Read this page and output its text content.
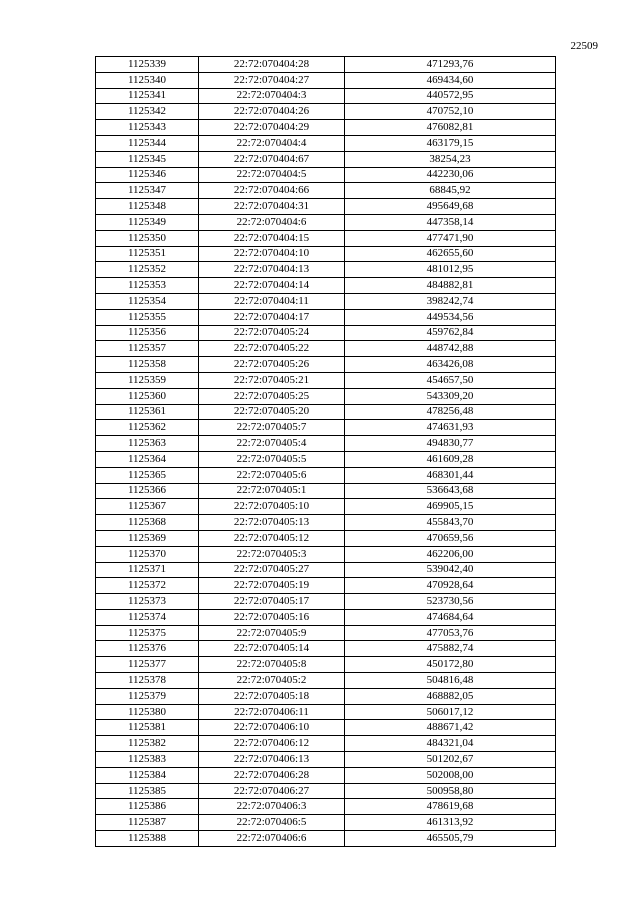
22509
1125339	22:72:070404:28	471293,76
1125340	22:72:070404:27	469434,60
1125341	22:72:070404:3	440572,95
1125342	22:72:070404:26	470752,10
1125343	22:72:070404:29	476082,81
1125344	22:72:070404:4	463179,15
1125345	22:72:070404:67	38254,23
1125346	22:72:070404:5	442230,06
1125347	22:72:070404:66	68845,92
1125348	22:72:070404:31	495649,68
1125349	22:72:070404:6	447358,14
1125350	22:72:070404:15	477471,90
1125351	22:72:070404:10	462655,60
1125352	22:72:070404:13	481012,95
1125353	22:72:070404:14	484882,81
1125354	22:72:070404:11	398242,74
1125355	22:72:070404:17	449534,56
1125356	22:72:070405:24	459762,84
1125357	22:72:070405:22	448742,88
1125358	22:72:070405:26	463426,08
1125359	22:72:070405:21	454657,50
1125360	22:72:070405:25	543309,20
1125361	22:72:070405:20	478256,48
1125362	22:72:070405:7	474631,93
1125363	22:72:070405:4	494830,77
1125364	22:72:070405:5	461609,28
1125365	22:72:070405:6	468301,44
1125366	22:72:070405:1	536643,68
1125367	22:72:070405:10	469905,15
1125368	22:72:070405:13	455843,70
1125369	22:72:070405:12	470659,56
1125370	22:72:070405:3	462206,00
1125371	22:72:070405:27	539042,40
1125372	22:72:070405:19	470928,64
1125373	22:72:070405:17	523730,56
1125374	22:72:070405:16	474684,64
1125375	22:72:070405:9	477053,76
1125376	22:72:070405:14	475882,74
1125377	22:72:070405:8	450172,80
1125378	22:72:070405:2	504816,48
1125379	22:72:070405:18	468882,05
1125380	22:72:070406:11	506017,12
1125381	22:72:070406:10	488671,42
1125382	22:72:070406:12	484321,04
1125383	22:72:070406:13	501202,67
1125384	22:72:070406:28	502008,00
1125385	22:72:070406:27	500958,80
1125386	22:72:070406:3	478619,68
1125387	22:72:070406:5	461313,92
1125388	22:72:070406:6	465505,79
